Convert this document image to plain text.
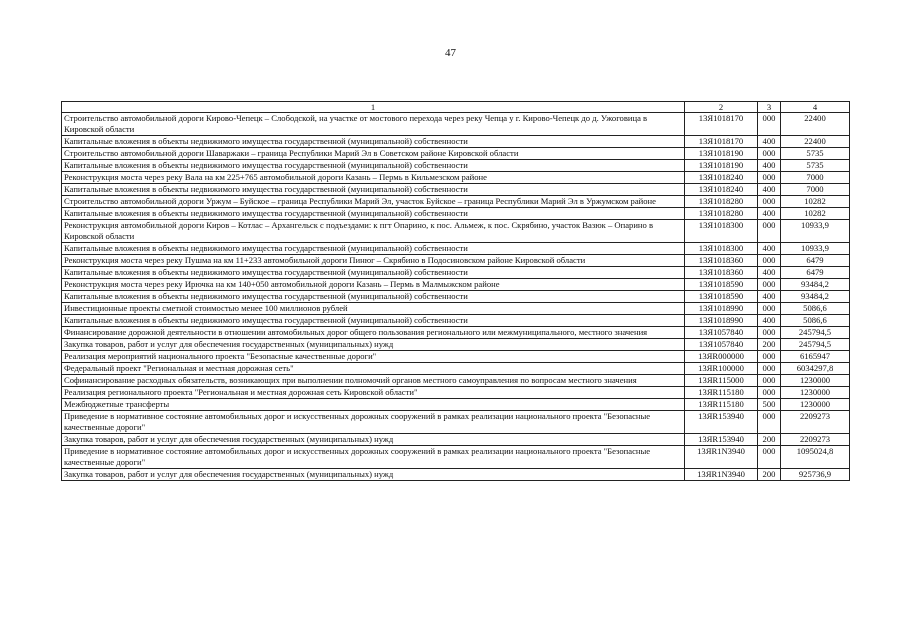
47
1	2	3	4
Строительство автомобильной дороги Кирово-Чепецк – Слободской, на участке от мостового перехода через реку Чепца у г. Кирово-Чепецк до д. Ужоговица в Кировской области	13Я1018170	000	22400
Капитальные вложения в объекты недвижимого имущества государственной (муниципальной) собственности	13Я1018170	400	22400
Строительство автомобильной дороги Шаваржаки – граница Республики Марий Эл в Советском районе Кировской области	13Я1018190	000	5735
Капитальные вложения в объекты недвижимого имущества государственной (муниципальной) собственности	13Я1018190	400	5735
Реконструкция моста через реку Вала на км 225+765 автомобильной дороги Казань – Пермь в Кильмезском районе	13Я1018240	000	7000
Капитальные вложения в объекты недвижимого имущества государственной (муниципальной) собственности	13Я1018240	400	7000
Строительство автомобильной дороги Уржум – Буйское – граница Республики Марий Эл, участок Буйское – граница Республики Марий Эл в Уржумском районе	13Я1018280	000	10282
Капитальные вложения в объекты недвижимого имущества государственной (муниципальной) собственности	13Я1018280	400	10282
Реконструкция автомобильной дороги Киров – Котлас – Архангельск с подъездами: к пгт Опарино, к пос. Альмеж, к пос. Скрябино, участок Вазюк – Опарино в Кировской области	13Я1018300	000	10933,9
Капитальные вложения в объекты недвижимого имущества государственной (муниципальной) собственности	13Я1018300	400	10933,9
Реконструкция моста через реку Пушма на км 11+233 автомобильной дороги Пинюг – Скрябино в Подосиновском районе Кировской области	13Я1018360	000	6479
Капитальные вложения в объекты недвижимого имущества государственной (муниципальной) собственности	13Я1018360	400	6479
Реконструкция моста через реку Ирючка на км 140+050 автомобильной дороги Казань – Пермь в Малмыжском районе	13Я1018590	000	93484,2
Капитальные вложения в объекты недвижимого имущества государственной (муниципальной) собственности	13Я1018590	400	93484,2
Инвестиционные проекты сметной стоимостью менее 100 миллионов рублей	13Я1018990	000	5086,6
Капитальные вложения в объекты недвижимого имущества государственной (муниципальной) собственности	13Я1018990	400	5086,6
Финансирование дорожной деятельности в отношении автомобильных дорог общего пользования регионального или межмуниципального, местного значения	13Я1057840	000	245794,5
Закупка товаров, работ и услуг для обеспечения государственных (муниципальных) нужд	13Я1057840	200	245794,5
Реализация мероприятий национального проекта "Безопасные качественные дороги"	13ЯR000000	000	6165947
Федеральный проект "Региональная и местная дорожная сеть"	13ЯR100000	000	6034297,8
Софинансирование расходных обязательств, возникающих при выполнении полномочий органов местного самоуправления по вопросам местного значения	13ЯR115000	000	1230000
Реализация регионального проекта "Региональная и местная дорожная сеть Кировской области"	13ЯR115180	000	1230000
Межбюджетные трансферты	13ЯR115180	500	1230000
Приведение в нормативное состояние автомобильных дорог и искусственных дорожных сооружений в рамках реализации национального проекта "Безопасные качественные дороги"	13ЯR153940	000	2209273
Закупка товаров, работ и услуг для обеспечения государственных (муниципальных) нужд	13ЯR153940	200	2209273
Приведение в нормативное состояние автомобильных дорог и искусственных дорожных сооружений в рамках реализации национального проекта "Безопасные качественные дороги"	13ЯR1N3940	000	1095024,8
Закупка товаров, работ и услуг для обеспечения государственных (муниципальных) нужд	13ЯR1N3940	200	925736,9
